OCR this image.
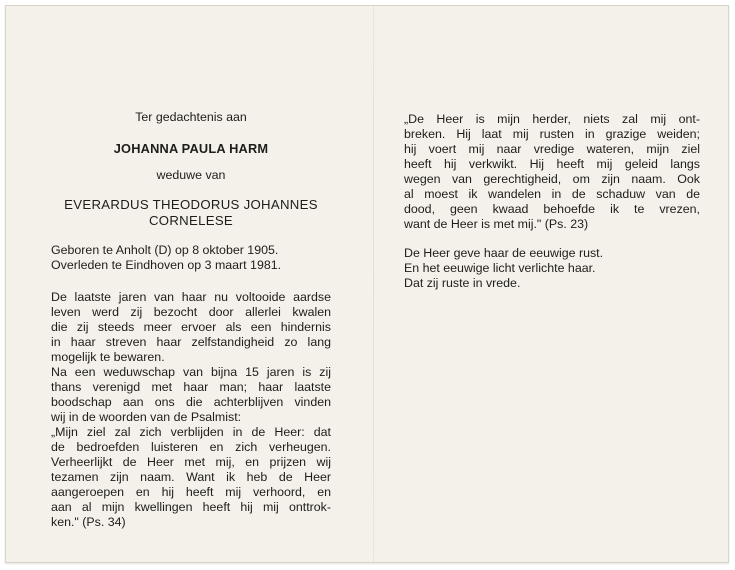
Ter gedachtenis aan
JOHANNA PAULA HARM
weduwe van
EVERARDUS THEODORUS JOHANNES
CORNELESE
Geboren te Anholt (D) op 8 oktober 1905.
Overleden te Eindhoven op 3 maart 1981.
De laatste jaren van haar nu voltooide aardse
leven werd zij bezocht door allerlei kwalen
die zij steeds meer ervoer als een hindernis
in haar streven haar zelfstandigheid zo lang
mogelijk te bewaren.
Na een weduwschap van bijna 15 jaren is zij
thans verenigd met haar man; haar laatste
boodschap aan ons die achterblijven vinden
wij in de woorden van de Psalmist:
„Mijn ziel zal zich verblijden in de Heer: dat
de bedroefden luisteren en zich verheugen.
Verheerlijkt de Heer met mij, en prijzen wij
tezamen zijn naam. Want ik heb de Heer
aangeroepen en hij heeft mij verhoord, en
aan al mijn kwellingen heeft hij mij onttrok-
ken." (Ps. 34)
„De Heer is mijn herder, niets zal mij ont-
breken. Hij laat mij rusten in grazige weiden;
hij voert mij naar vredige wateren, mijn ziel
heeft hij verkwikt. Hij heeft mij geleid langs
wegen van gerechtigheid, om zijn naam. Ook
al moest ik wandelen in de schaduw van de
dood, geen kwaad behoefde ik te vrezen,
want de Heer is met mij." (Ps. 23)
De Heer geve haar de eeuwige rust.
En het eeuwige licht verlichte haar.
Dat zij ruste in vrede.
